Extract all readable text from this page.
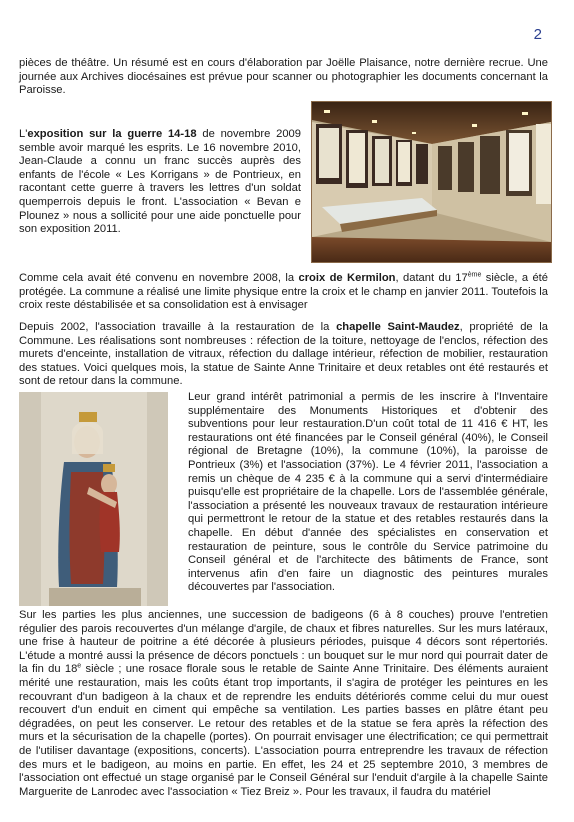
2

pièces de théâtre. Un résumé est en cours d'élaboration par Joëlle Plaisance, notre dernière recrue. Une journée aux Archives diocésaines est prévue pour scanner ou photographier les documents concernant la Paroisse.

L'exposition sur la guerre 14-18 de novembre 2009 semble avoir marqué les esprits. Le 16 novembre 2010, Jean-Claude a connu un franc succès auprès des enfants de l'école « Les Korrigans » de Pontrieux, en racontant cette guerre à travers les lettres d'un soldat quemperrois depuis le front. L'association « Bevan e Plounez » nous a sollicité pour une aide ponctuelle pour son exposition 2011.

Comme cela avait été convenu en novembre 2008, la croix de Kermilon, datant du 17ème siècle, a été protégée. La commune a réalisé une limite physique entre la croix et le champ en janvier 2011. Toutefois la croix reste déstabilisée et sa consolidation est à envisager

Depuis 2002, l'association travaille à la restauration de la chapelle Saint-Maudez, propriété de la Commune. Les réalisations sont nombreuses : réfection de la toiture, nettoyage de l'enclos, réfection des murets d'enceinte, installation de vitraux, réfection du dallage intérieur, réfection de mobilier, restauration des statues. Voici quelques mois, la statue de Sainte Anne Trinitaire et deux retables ont été restaurés et sont de retour dans la commune.

Leur grand intérêt patrimonial a permis de les inscrire à l'Inventaire supplémentaire des Monuments Historiques et d'obtenir des subventions pour leur restauration.D'un coût total de 11 416 € HT, les restaurations ont été financées par le Conseil général (40%), le Conseil régional de Bretagne (10%), la commune (10%), la paroisse de Pontrieux (3%) et l'association (37%). Le 4 février 2011, l'association a remis un chèque de 4 235 € à la commune qui a servi d'intermédiaire puisqu'elle est propriétaire de la chapelle. Lors de l'assemblée générale, l'association a présenté les nouveaux travaux de restauration intérieure qui permettront le retour de la statue et des retables restaurés dans la chapelle. En début d'année des spécialistes en conservation et restauration de peinture, sous le contrôle du Service patrimoine du Conseil général et de l'architecte des bâtiments de France, sont intervenus afin d'en faire un diagnostic des peintures murales découvertes par l'association.

Sur les parties les plus anciennes, une succession de badigeons (6 à 8 couches) prouve l'entretien régulier des parois recouvertes d'un mélange d'argile, de chaux et fibres naturelles. Sur les murs latéraux, une frise à hauteur de poitrine a été décorée à plusieurs périodes, puisque 4 décors sont répertoriés. L'étude a montré aussi la présence de décors ponctuels : un bouquet sur le mur nord qui pourrait dater de la fin du 18e siècle ; une rosace florale sous le retable de Sainte Anne Trinitaire. Des éléments auraient mérité une restauration, mais les coûts étant trop importants, il s'agira de protéger les peintures en les recouvrant d'un badigeon à la chaux et de reprendre les enduits détériorés comme celui du mur ouest recouvert d'un enduit en ciment qui empêche sa ventilation. Les parties basses en plâtre étant peu dégradées, on peut les conserver. Le retour des retables et de la statue se fera après la réfection des murs et la sécurisation de la chapelle (portes). On pourrait envisager une électrification; ce qui permettrait de l'utiliser davantage (expositions, concerts). L'association pourra entreprendre les travaux de réfection des murs et le badigeon, au moins en partie. En effet, les 24 et 25 septembre 2010, 3 membres de l'association ont effectué un stage organisé par le Conseil Général sur l'enduit d'argile à la chapelle Sainte Marguerite de Lanrodec avec l'association « Tiez Breiz ». Pour les travaux, il faudra du matériel
